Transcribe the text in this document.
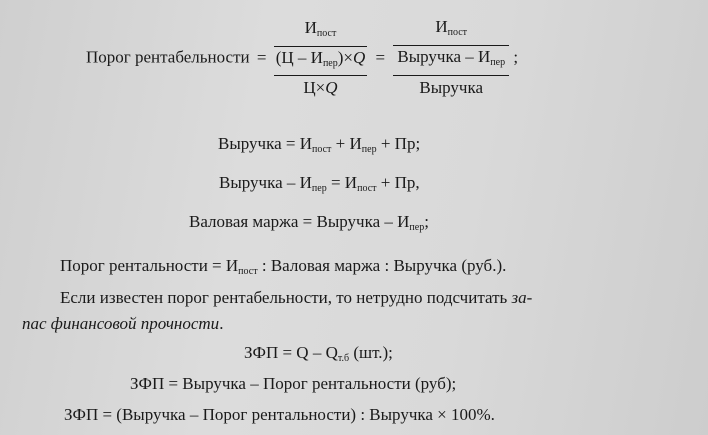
Порог рентабельности =
$И_{пост}$
$(Ц - И_{пер})\times Q$
Ц×Q
=
$И_{пост}$
Выручка – $И_{пер}$
Выручка
;
Выручка = $И_{пост} + И_{пер}$ + Пр;
Выручка – $И_{пер} = И_{пост}$ + Пр,
Валовая маржа = Выручка – $И_{пер}$;
Порог рентальности = $И_{пост}$ : Валовая маржа : Выручка (руб.).
Если известен порог рентабельности, то нетрудно подсчитать за-
пас финансовой прочности.
ЗФП = Q – $Q_{т.б}$ (шт.);
ЗФП = Выручка – Порог рентальности (руб);
ЗФП = (Выручка – Порог рентальности) : Выручка × 100%.
